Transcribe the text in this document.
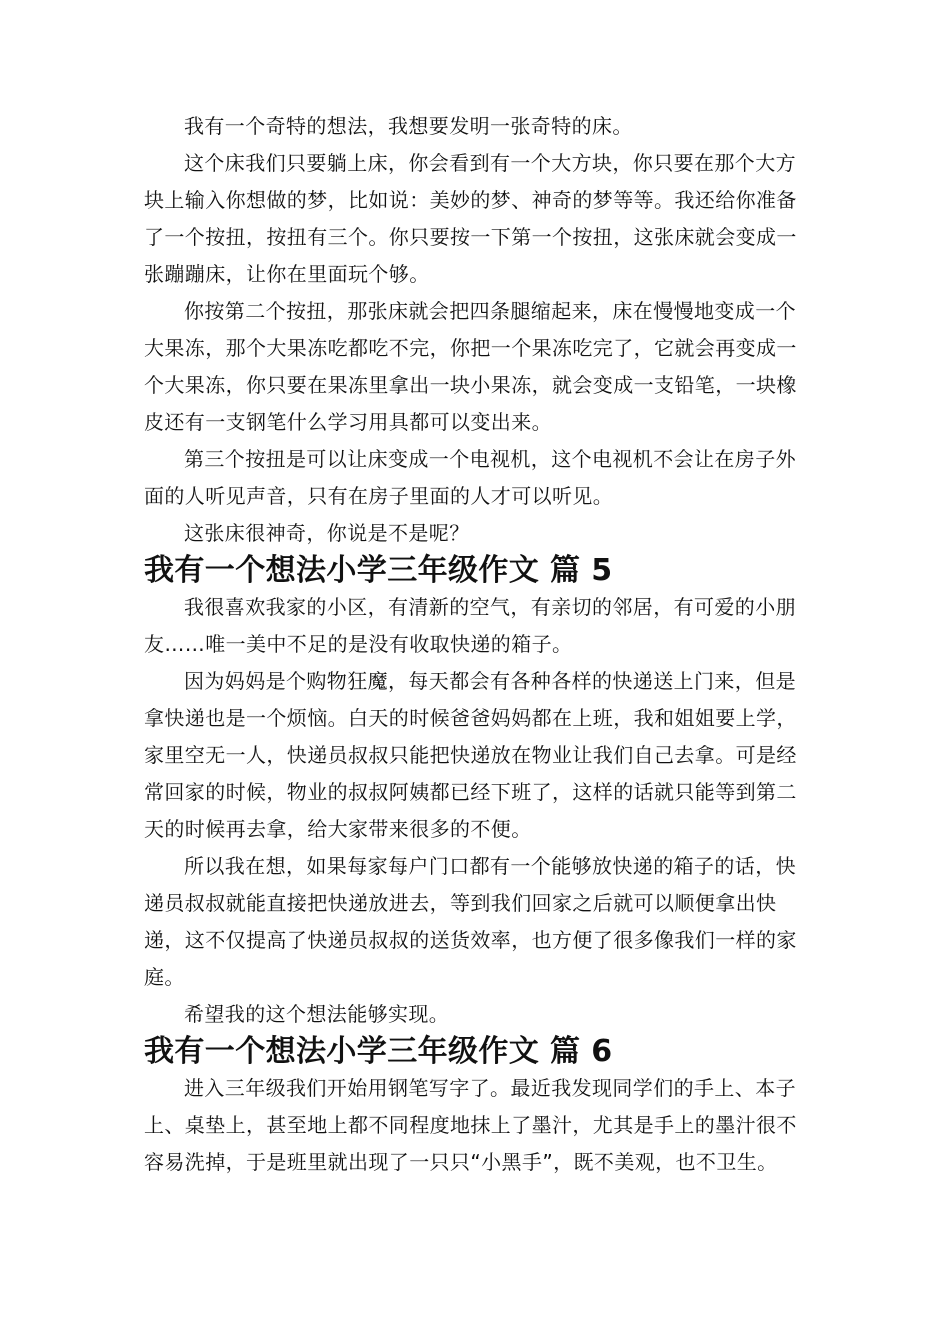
我有一个奇特的想法，我想要发明一张奇特的床。

这个床我们只要躺上床，你会看到有一个大方块，你只要在那个大方块上输入你想做的梦，比如说：美妙的梦、神奇的梦等等。我还给你准备了一个按扭，按扭有三个。你只要按一下第一个按扭，这张床就会变成一张蹦蹦床，让你在里面玩个够。

你按第二个按扭，那张床就会把四条腿缩起来，床在慢慢地变成一个大果冻，那个大果冻吃都吃不完，你把一个果冻吃完了，它就会再变成一个大果冻，你只要在果冻里拿出一块小果冻，就会变成一支铅笔，一块橡皮还有一支钢笔什么学习用具都可以变出来。

第三个按扭是可以让床变成一个电视机，这个电视机不会让在房子外面的人听见声音，只有在房子里面的人才可以听见。

这张床很神奇，你说是不是呢？

我有一个想法小学三年级作文 篇 5

我很喜欢我家的小区，有清新的空气，有亲切的邻居，有可爱的小朋友……唯一美中不足的是没有收取快递的箱子。

因为妈妈是个购物狂魔，每天都会有各种各样的快递送上门来，但是拿快递也是一个烦恼。白天的时候爸爸妈妈都在上班，我和姐姐要上学，家里空无一人，快递员叔叔只能把快递放在物业让我们自己去拿。可是经常回家的时候，物业的叔叔阿姨都已经下班了，这样的话就只能等到第二天的时候再去拿，给大家带来很多的不便。

所以我在想，如果每家每户门口都有一个能够放快递的箱子的话，快递员叔叔就能直接把快递放进去，等到我们回家之后就可以顺便拿出快递，这不仅提高了快递员叔叔的送货效率，也方便了很多像我们一样的家庭。

希望我的这个想法能够实现。

我有一个想法小学三年级作文 篇 6

进入三年级我们开始用钢笔写字了。最近我发现同学们的手上、本子上、桌垫上，甚至地上都不同程度地抹上了墨汁，尤其是手上的墨汁很不容易洗掉，于是班里就出现了一只只“小黑手”，既不美观，也不卫生。
